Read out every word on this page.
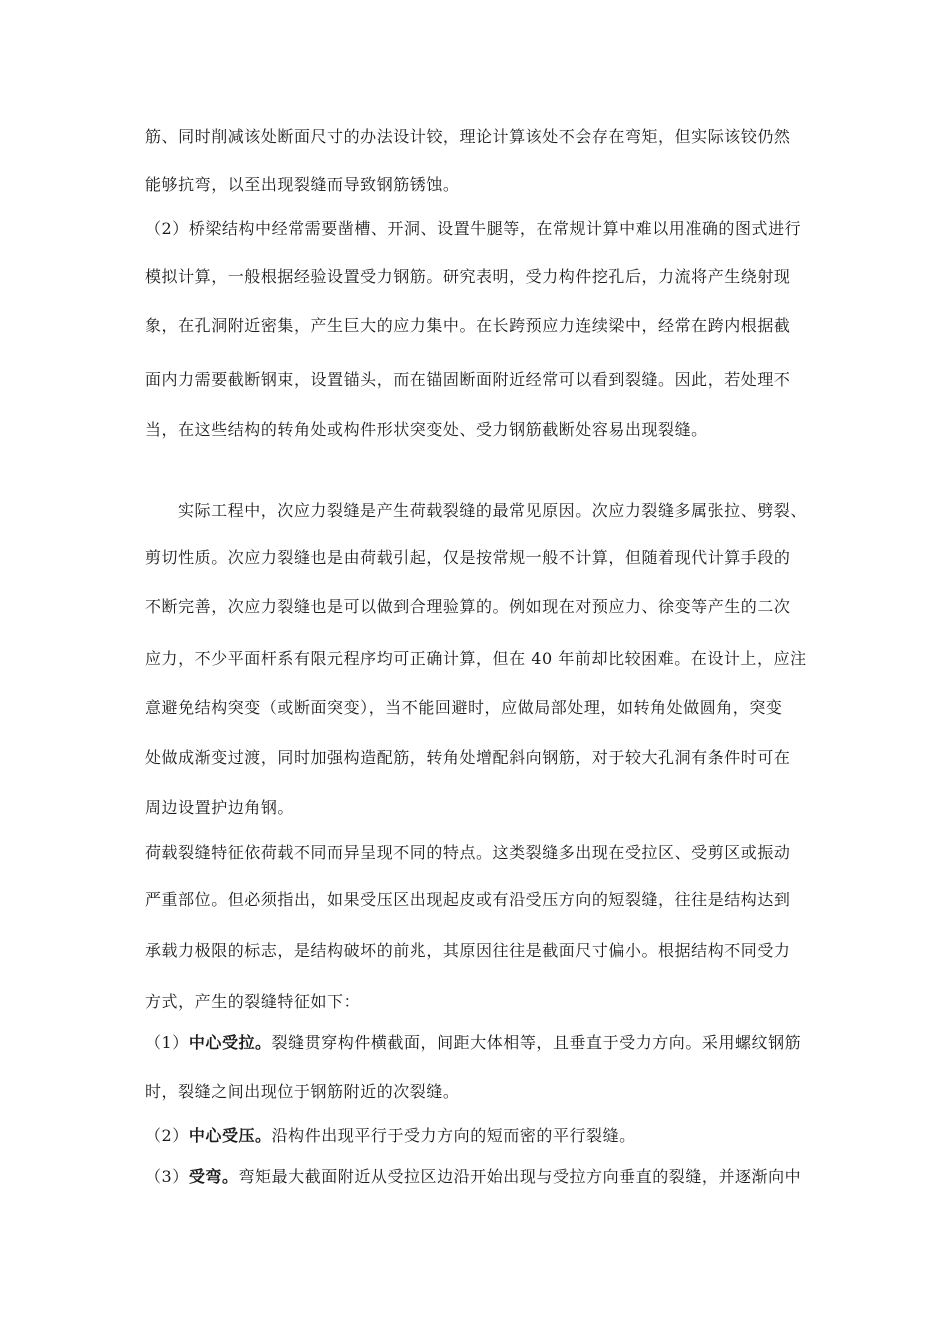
筋、同时削减该处断面尺寸的办法设计铰，理论计算该处不会存在弯矩，但实际该铰仍然
能够抗弯，以至出现裂缝而导致钢筋锈蚀。
（2）桥梁结构中经常需要凿槽、开洞、设置牛腿等，在常规计算中难以用准确的图式进行
模拟计算，一般根据经验设置受力钢筋。研究表明，受力构件挖孔后，力流将产生绕射现
象，在孔洞附近密集，产生巨大的应力集中。在长跨预应力连续梁中，经常在跨内根据截
面内力需要截断钢束，设置锚头，而在锚固断面附近经常可以看到裂缝。因此，若处理不
当，在这些结构的转角处或构件形状突变处、受力钢筋截断处容易出现裂缝。
实际工程中，次应力裂缝是产生荷载裂缝的最常见原因。次应力裂缝多属张拉、劈裂、
剪切性质。次应力裂缝也是由荷载引起，仅是按常规一般不计算，但随着现代计算手段的
不断完善，次应力裂缝也是可以做到合理验算的。例如现在对预应力、徐变等产生的二次
应力，不少平面杆系有限元程序均可正确计算，但在 40 年前却比较困难。在设计上，应注
意避免结构突变（或断面突变），当不能回避时，应做局部处理，如转角处做圆角，突变
处做成渐变过渡，同时加强构造配筋，转角处增配斜向钢筋，对于较大孔洞有条件时可在
周边设置护边角钢。
荷载裂缝特征依荷载不同而异呈现不同的特点。这类裂缝多出现在受拉区、受剪区或振动
严重部位。但必须指出，如果受压区出现起皮或有沿受压方向的短裂缝，往往是结构达到
承载力极限的标志，是结构破坏的前兆，其原因往往是截面尺寸偏小。根据结构不同受力
方式，产生的裂缝特征如下：
（1）中心受拉。裂缝贯穿构件横截面，间距大体相等，且垂直于受力方向。采用螺纹钢筋
时，裂缝之间出现位于钢筋附近的次裂缝。
（2）中心受压。沿构件出现平行于受力方向的短而密的平行裂缝。
（3）受弯。弯矩最大截面附近从受拉区边沿开始出现与受拉方向垂直的裂缝，并逐渐向中
